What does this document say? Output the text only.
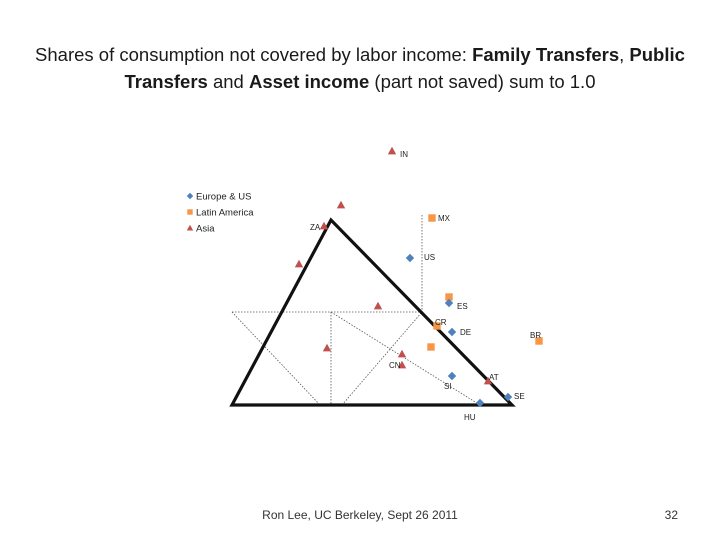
Shares of consumption not covered by labor income: Family Transfers, Public Transfers and Asset income (part not saved) sum to 1.0
IN
MX
ZA
US
ES
CR
DE	BR
CN
SI
AT
SE
HU
Europe & US
Latin America
Asia
Ron Lee, UC Berkeley, Sept 26 2011	32
